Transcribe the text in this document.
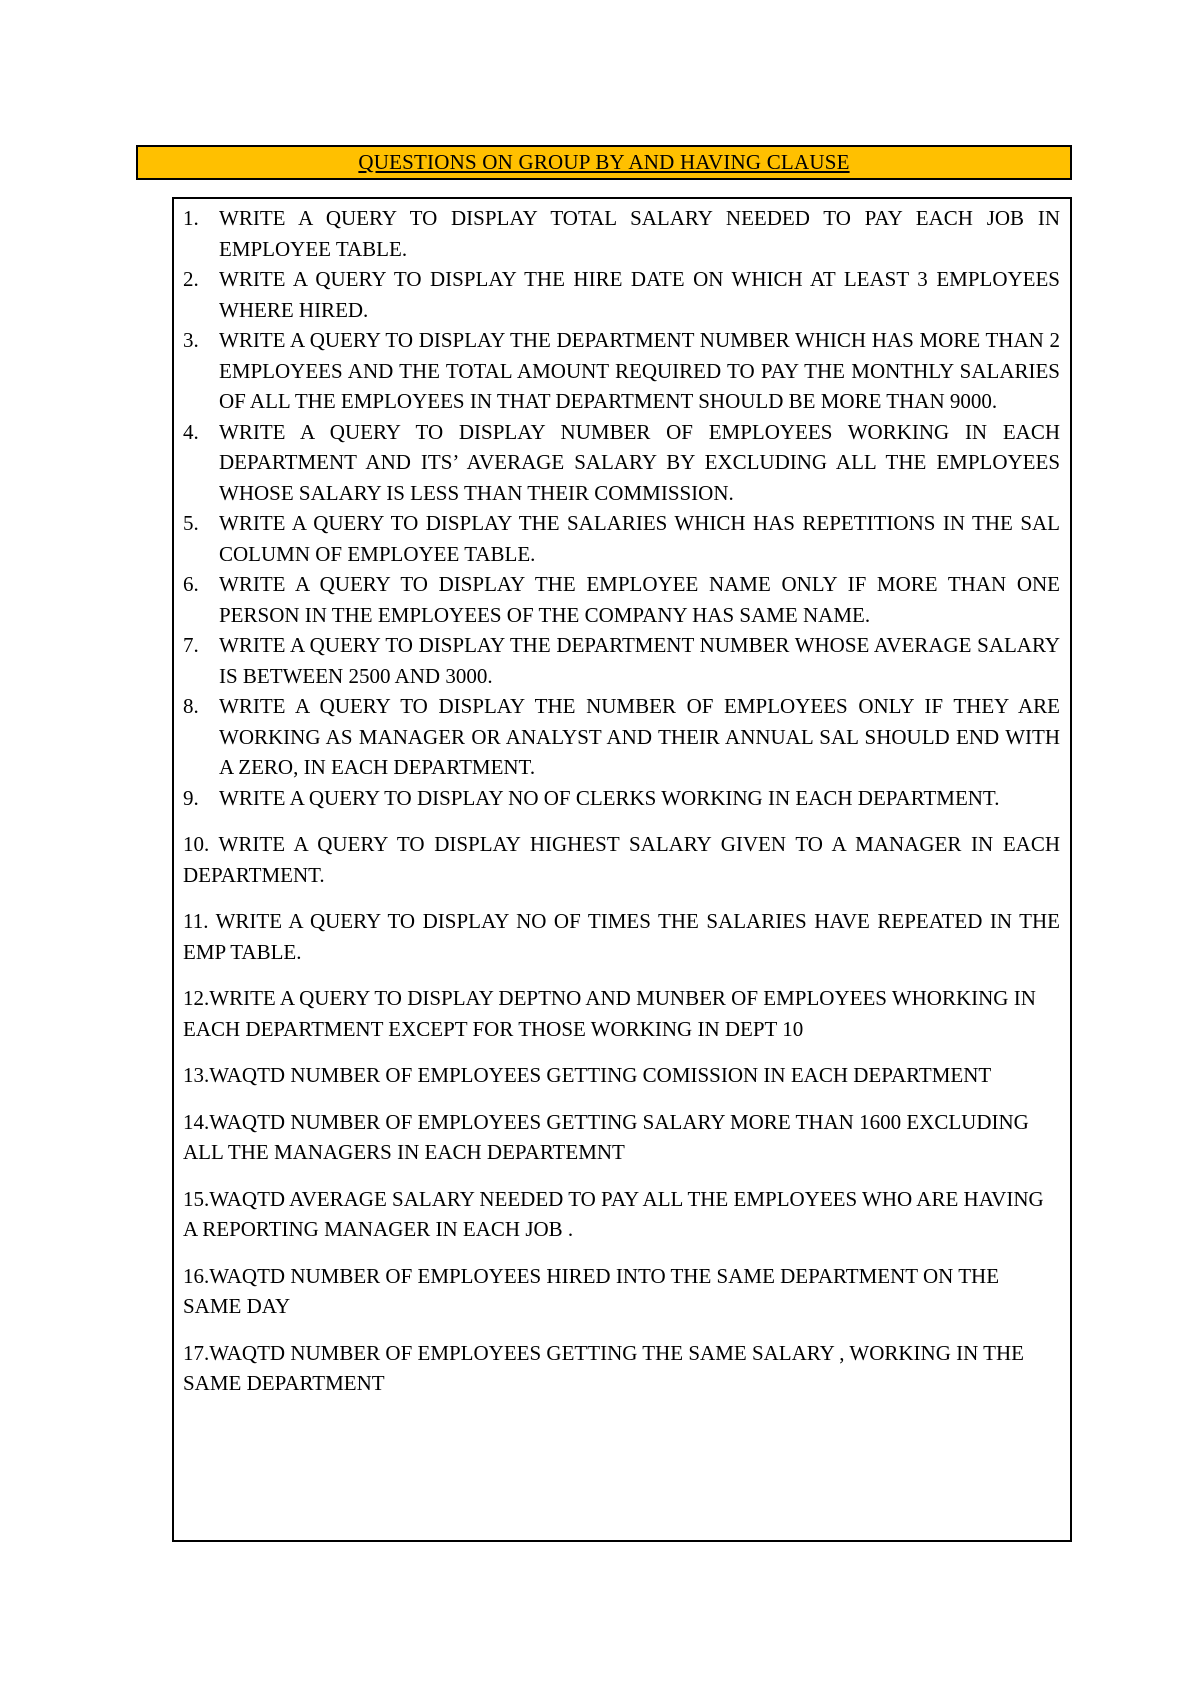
QUESTIONS ON GROUP BY AND HAVING CLAUSE
1. WRITE A QUERY TO DISPLAY TOTAL SALARY NEEDED TO PAY EACH JOB IN EMPLOYEE TABLE.
2. WRITE A QUERY TO DISPLAY THE HIRE DATE ON WHICH AT LEAST 3 EMPLOYEES WHERE HIRED.
3. WRITE A QUERY TO DISPLAY THE DEPARTMENT NUMBER WHICH HAS MORE THAN 2 EMPLOYEES AND THE TOTAL AMOUNT REQUIRED TO PAY THE MONTHLY SALARIES OF ALL THE EMPLOYEES IN THAT DEPARTMENT SHOULD BE MORE THAN 9000.
4. WRITE A QUERY TO DISPLAY NUMBER OF EMPLOYEES WORKING IN EACH DEPARTMENT AND ITS’ AVERAGE SALARY BY EXCLUDING ALL THE EMPLOYEES WHOSE SALARY IS LESS THAN THEIR COMMISSION.
5. WRITE A QUERY TO DISPLAY THE SALARIES WHICH HAS REPETITIONS IN THE SAL COLUMN OF EMPLOYEE TABLE.
6. WRITE A QUERY TO DISPLAY THE EMPLOYEE NAME ONLY IF MORE THAN ONE PERSON IN THE EMPLOYEES OF THE COMPANY HAS SAME NAME.
7. WRITE A QUERY TO DISPLAY THE DEPARTMENT NUMBER WHOSE AVERAGE SALARY IS BETWEEN 2500 AND 3000.
8. WRITE A QUERY TO DISPLAY THE NUMBER OF EMPLOYEES ONLY IF THEY ARE WORKING AS MANAGER OR ANALYST AND THEIR ANNUAL SAL SHOULD END WITH A ZERO, IN EACH DEPARTMENT.
9. WRITE A QUERY TO DISPLAY NO OF CLERKS WORKING IN EACH DEPARTMENT.

10. WRITE A QUERY TO DISPLAY HIGHEST SALARY GIVEN TO A MANAGER IN EACH DEPARTMENT.

11. WRITE A QUERY TO DISPLAY NO OF TIMES THE SALARIES HAVE REPEATED IN THE EMP TABLE.

12.WRITE A QUERY TO DISPLAY DEPTNO AND MUNBER OF EMPLOYEES WHORKING IN EACH DEPARTMENT EXCEPT FOR THOSE WORKING IN DEPT 10

13.WAQTD NUMBER OF EMPLOYEES GETTING COMISSION IN EACH DEPARTMENT

14.WAQTD NUMBER OF EMPLOYEES GETTING SALARY MORE THAN 1600 EXCLUDING ALL THE MANAGERS IN EACH DEPARTEMNT

15.WAQTD AVERAGE SALARY NEEDED TO PAY ALL THE EMPLOYEES WHO ARE HAVING A REPORTING MANAGER IN EACH JOB .

16.WAQTD NUMBER OF EMPLOYEES HIRED INTO THE SAME DEPARTMENT ON THE SAME DAY

17.WAQTD NUMBER OF EMPLOYEES GETTING THE SAME SALARY , WORKING IN THE SAME DEPARTMENT
